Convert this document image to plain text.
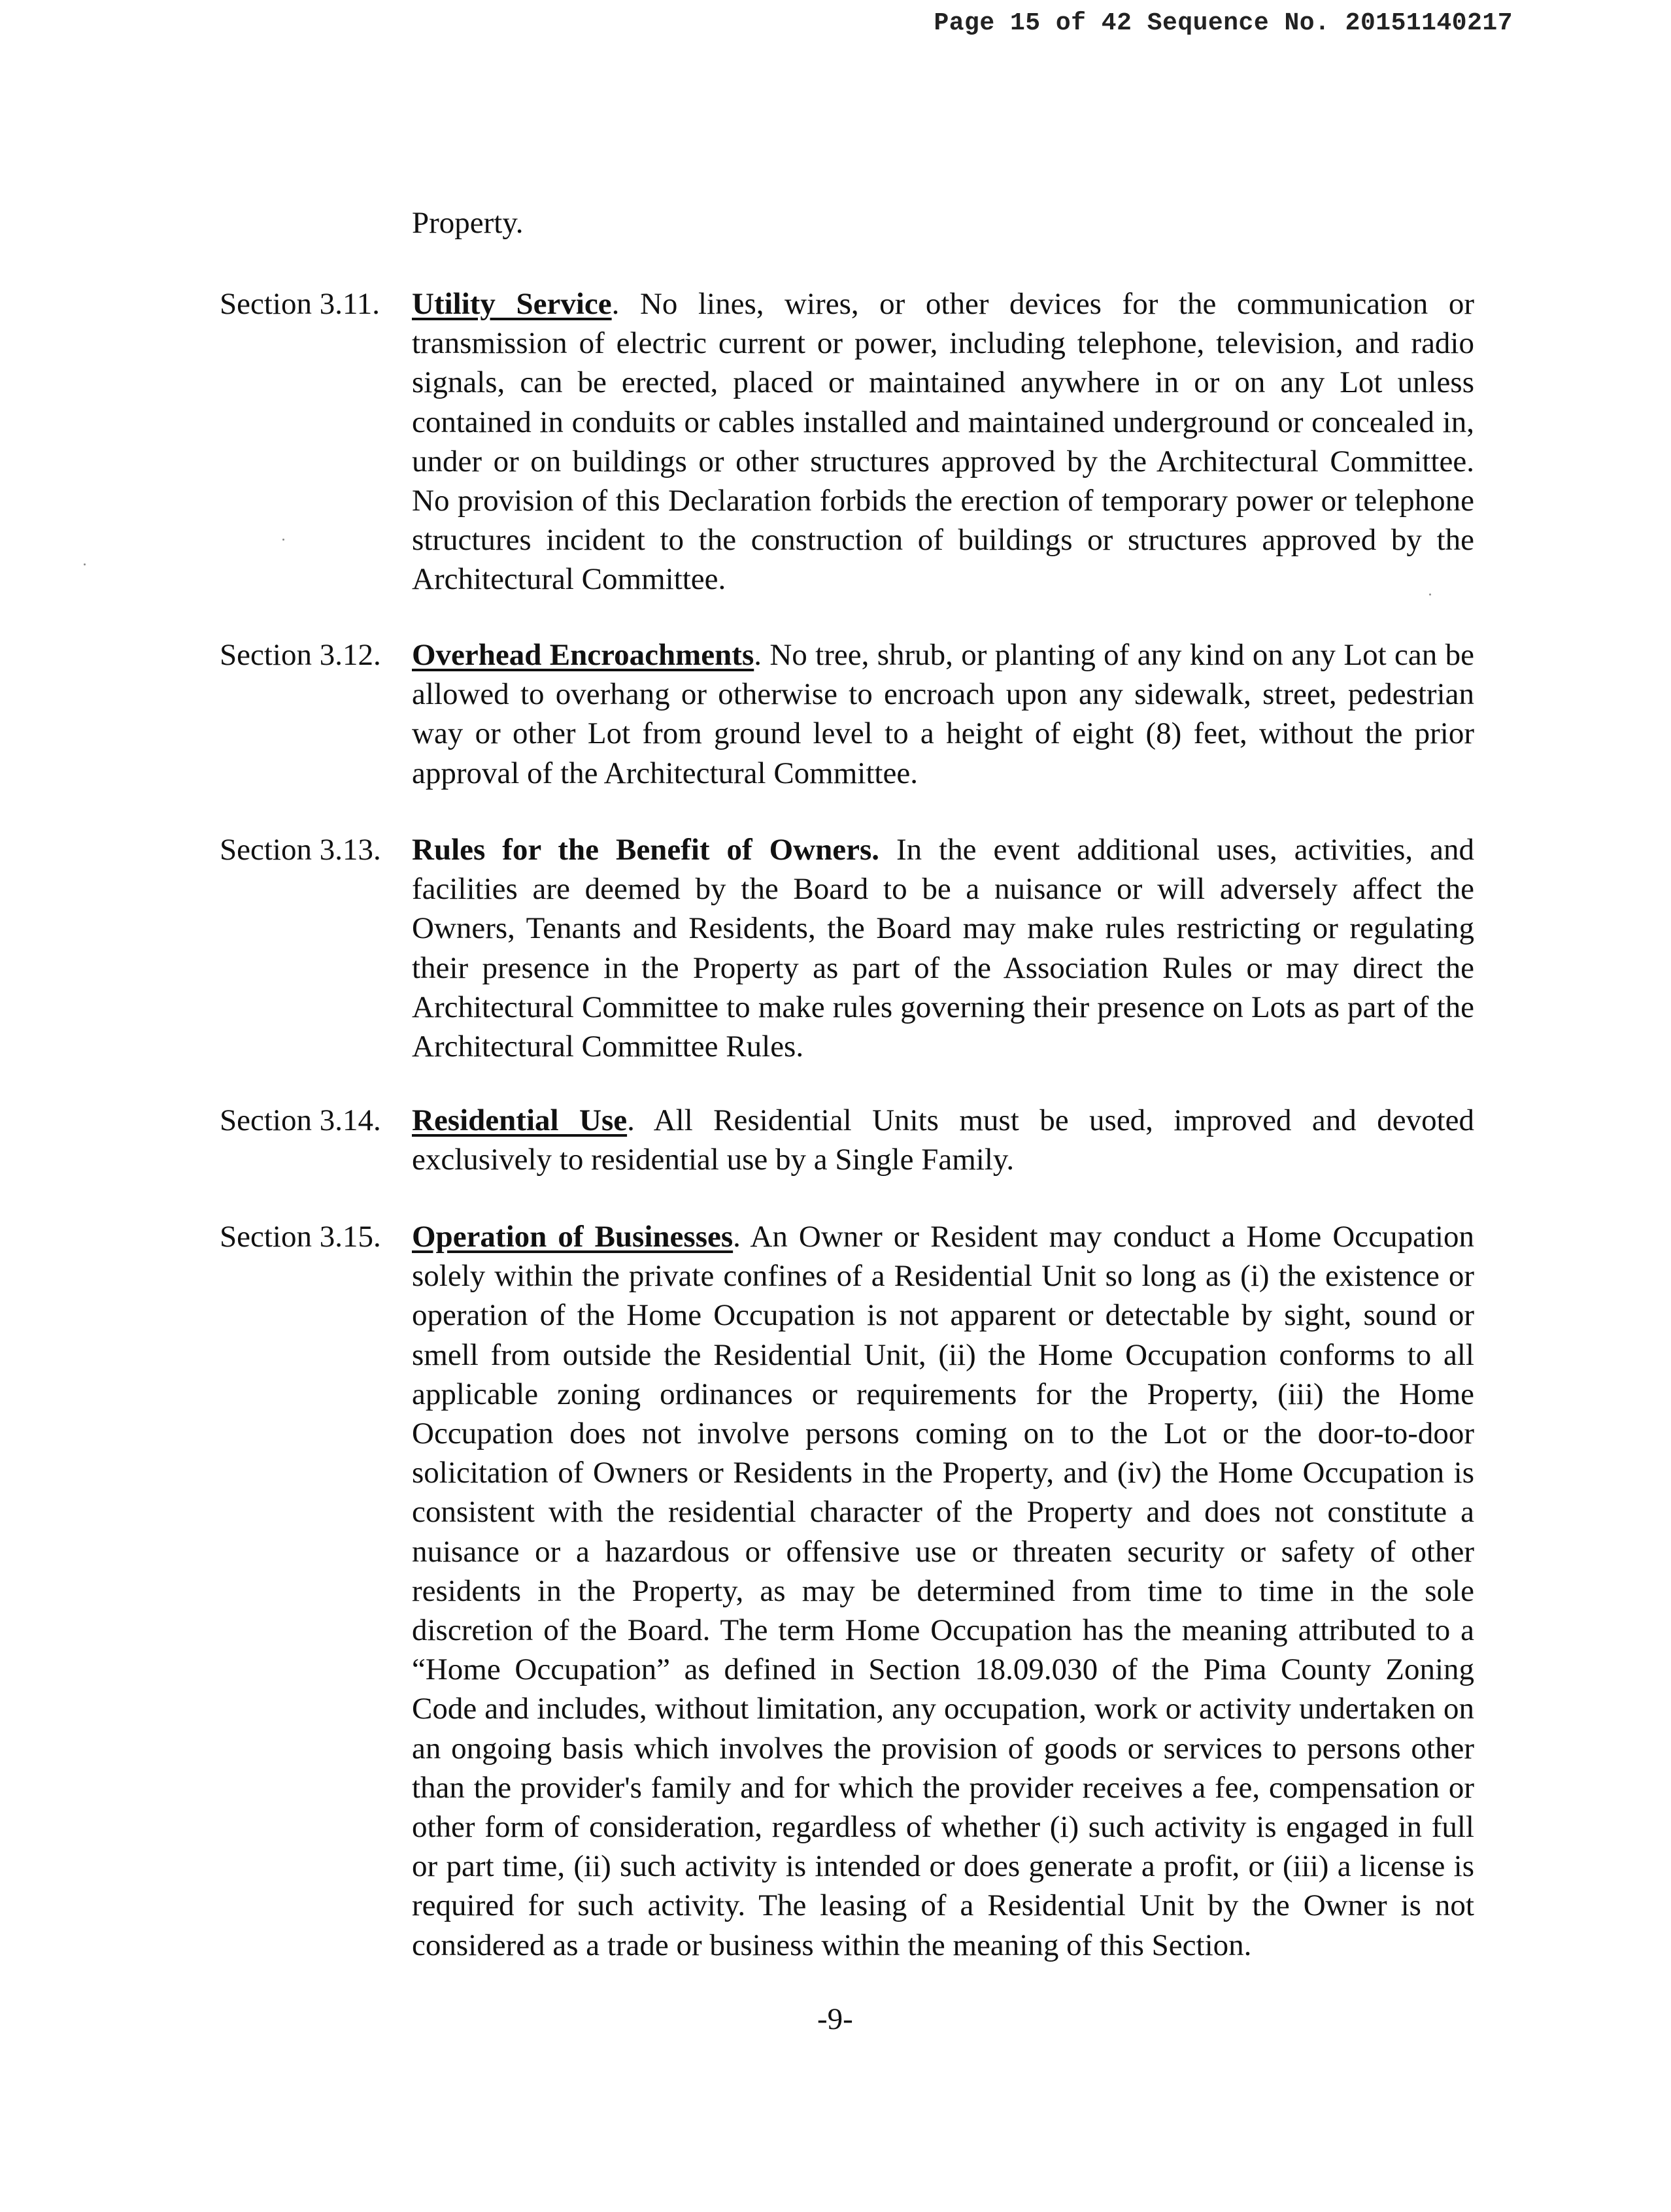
Page 15 of 42 Sequence No. 20151140217
Property.
Section 3.11. Utility Service. No lines, wires, or other devices for the communication or transmission of electric current or power, including telephone, television, and radio signals, can be erected, placed or maintained anywhere in or on any Lot unless contained in conduits or cables installed and maintained underground or concealed in, under or on buildings or other structures approved by the Architectural Committee. No provision of this Declaration forbids the erection of temporary power or telephone structures incident to the construction of buildings or structures approved by the Architectural Committee.
Section 3.12. Overhead Encroachments. No tree, shrub, or planting of any kind on any Lot can be allowed to overhang or otherwise to encroach upon any sidewalk, street, pedestrian way or other Lot from ground level to a height of eight (8) feet, without the prior approval of the Architectural Committee.
Section 3.13. Rules for the Benefit of Owners. In the event additional uses, activities, and facilities are deemed by the Board to be a nuisance or will adversely affect the Owners, Tenants and Residents, the Board may make rules restricting or regulating their presence in the Property as part of the Association Rules or may direct the Architectural Committee to make rules governing their presence on Lots as part of the Architectural Committee Rules.
Section 3.14. Residential Use. All Residential Units must be used, improved and devoted exclusively to residential use by a Single Family.
Section 3.15. Operation of Businesses. An Owner or Resident may conduct a Home Occupation solely within the private confines of a Residential Unit so long as (i) the existence or operation of the Home Occupation is not apparent or detectable by sight, sound or smell from outside the Residential Unit, (ii) the Home Occupation conforms to all applicable zoning ordinances or requirements for the Property, (iii) the Home Occupation does not involve persons coming on to the Lot or the door-to-door solicitation of Owners or Residents in the Property, and (iv) the Home Occupation is consistent with the residential character of the Property and does not constitute a nuisance or a hazardous or offensive use or threaten security or safety of other residents in the Property, as may be determined from time to time in the sole discretion of the Board. The term Home Occupation has the meaning attributed to a “Home Occupation” as defined in Section 18.09.030 of the Pima County Zoning Code and includes, without limitation, any occupation, work or activity undertaken on an ongoing basis which involves the provision of goods or services to persons other than the provider's family and for which the provider receives a fee, compensation or other form of consideration, regardless of whether (i) such activity is engaged in full or part time, (ii) such activity is intended or does generate a profit, or (iii) a license is required for such activity. The leasing of a Residential Unit by the Owner is not considered as a trade or business within the meaning of this Section.
-9-
